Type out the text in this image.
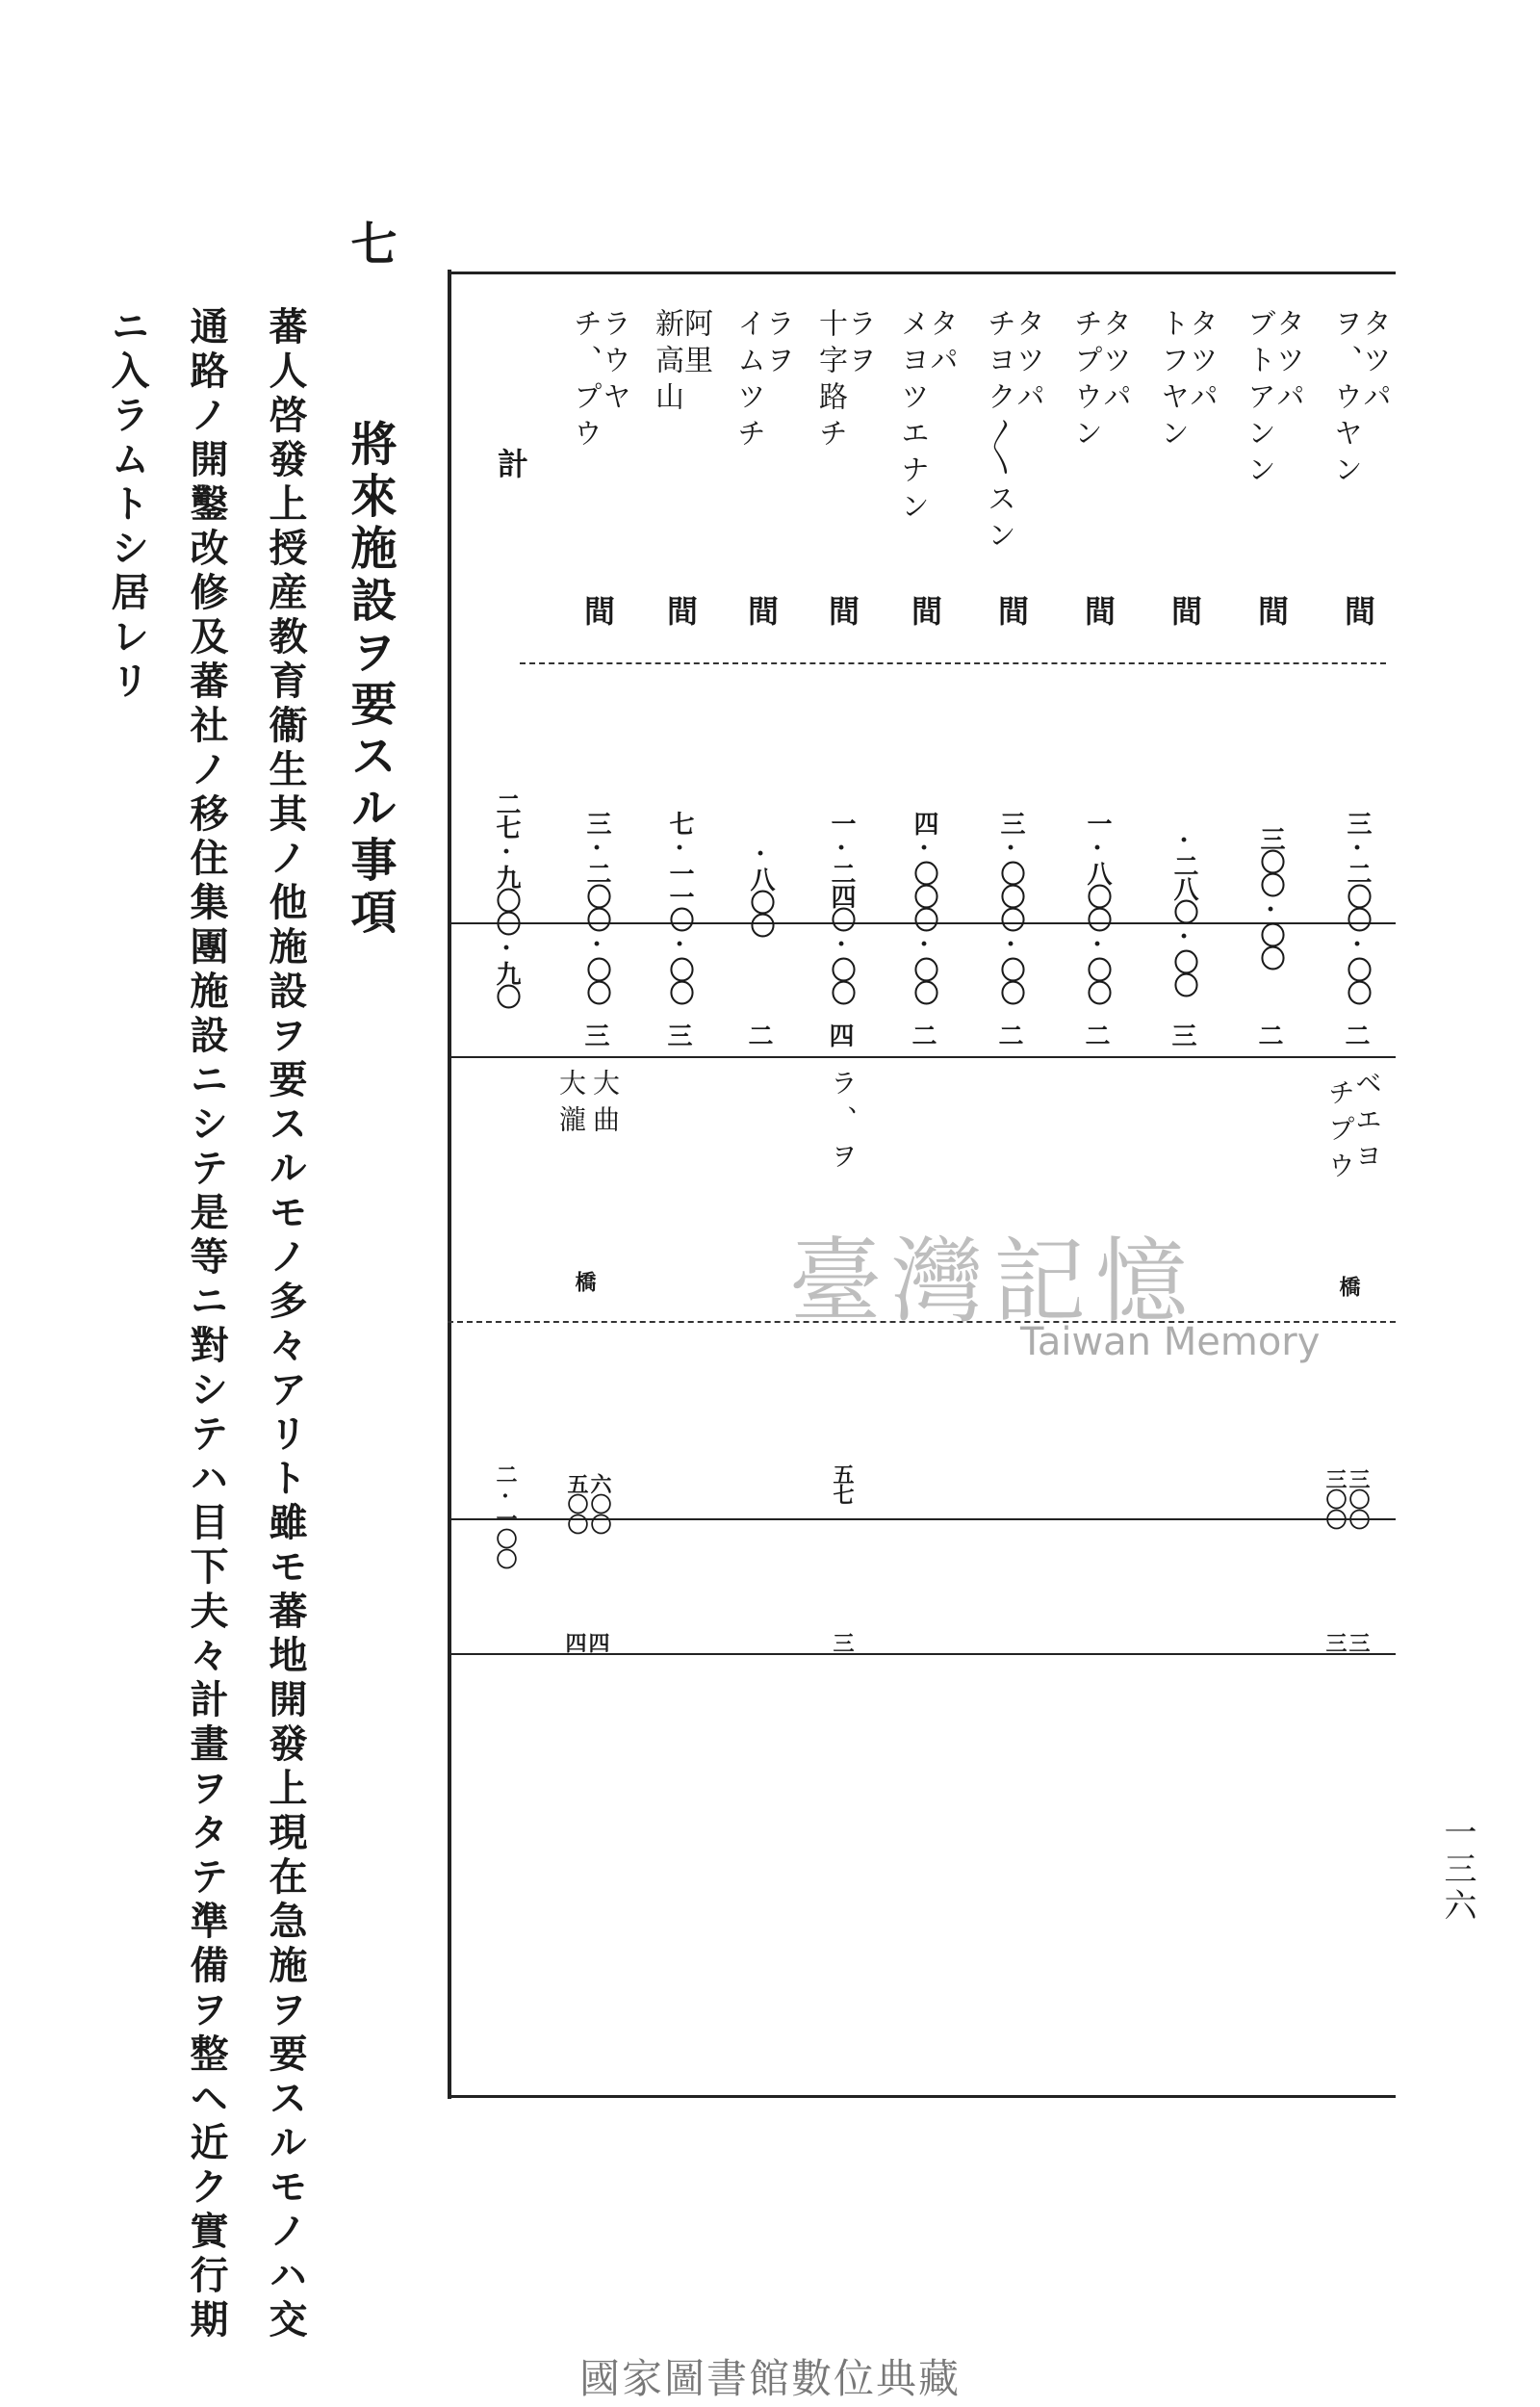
七  將來施設ヲ要スル事項
蕃人啓發上授産教育衞生其ノ他施設ヲ要スルモノ多々アリト雖モ蕃地開發上現在急施ヲ要スルモノハ交
通路ノ開鑿改修及蕃社ノ移住集團施設ニシテ是等ニ對シテハ目下夫々計畫ヲタテ準備ヲ整ヘ近ク實行期
ニ入ラムトシ居レリ	タツパ
ヲ、ウヤン
間
三·二〇〇·〇〇
二
ベエヨ
チプウ
橋
三〇〇
三〇〇
三
三
タツパ
ブトアンン
間
三〇〇·〇〇
二
タツパ
トフヤン
間
·二八〇·〇〇
三
タツパ
チプウン
間
一·八〇〇·〇〇
二
タツパ
チヨク〳〵スン
間
三·〇〇〇·〇〇
二
タパ
メヨツエナン
間
四·〇〇〇·〇〇
二
ラヲ
十字路チ
間
一·二四〇·〇〇
四
ラ、ヲ
五七
三
ラヲ
イムツチ
間
·八〇〇
二
阿里
新高山
間
七·一一〇·〇〇
三
ラウヤ
チ、プウ
間
三·二〇〇·〇〇
三
大曲
大瀧
橋
六〇〇
五〇〇
四
四
計
二七·九〇〇·九〇
二·一〇〇
一三六
臺灣記憶
Taiwan Memory
國家圖書館數位典藏
